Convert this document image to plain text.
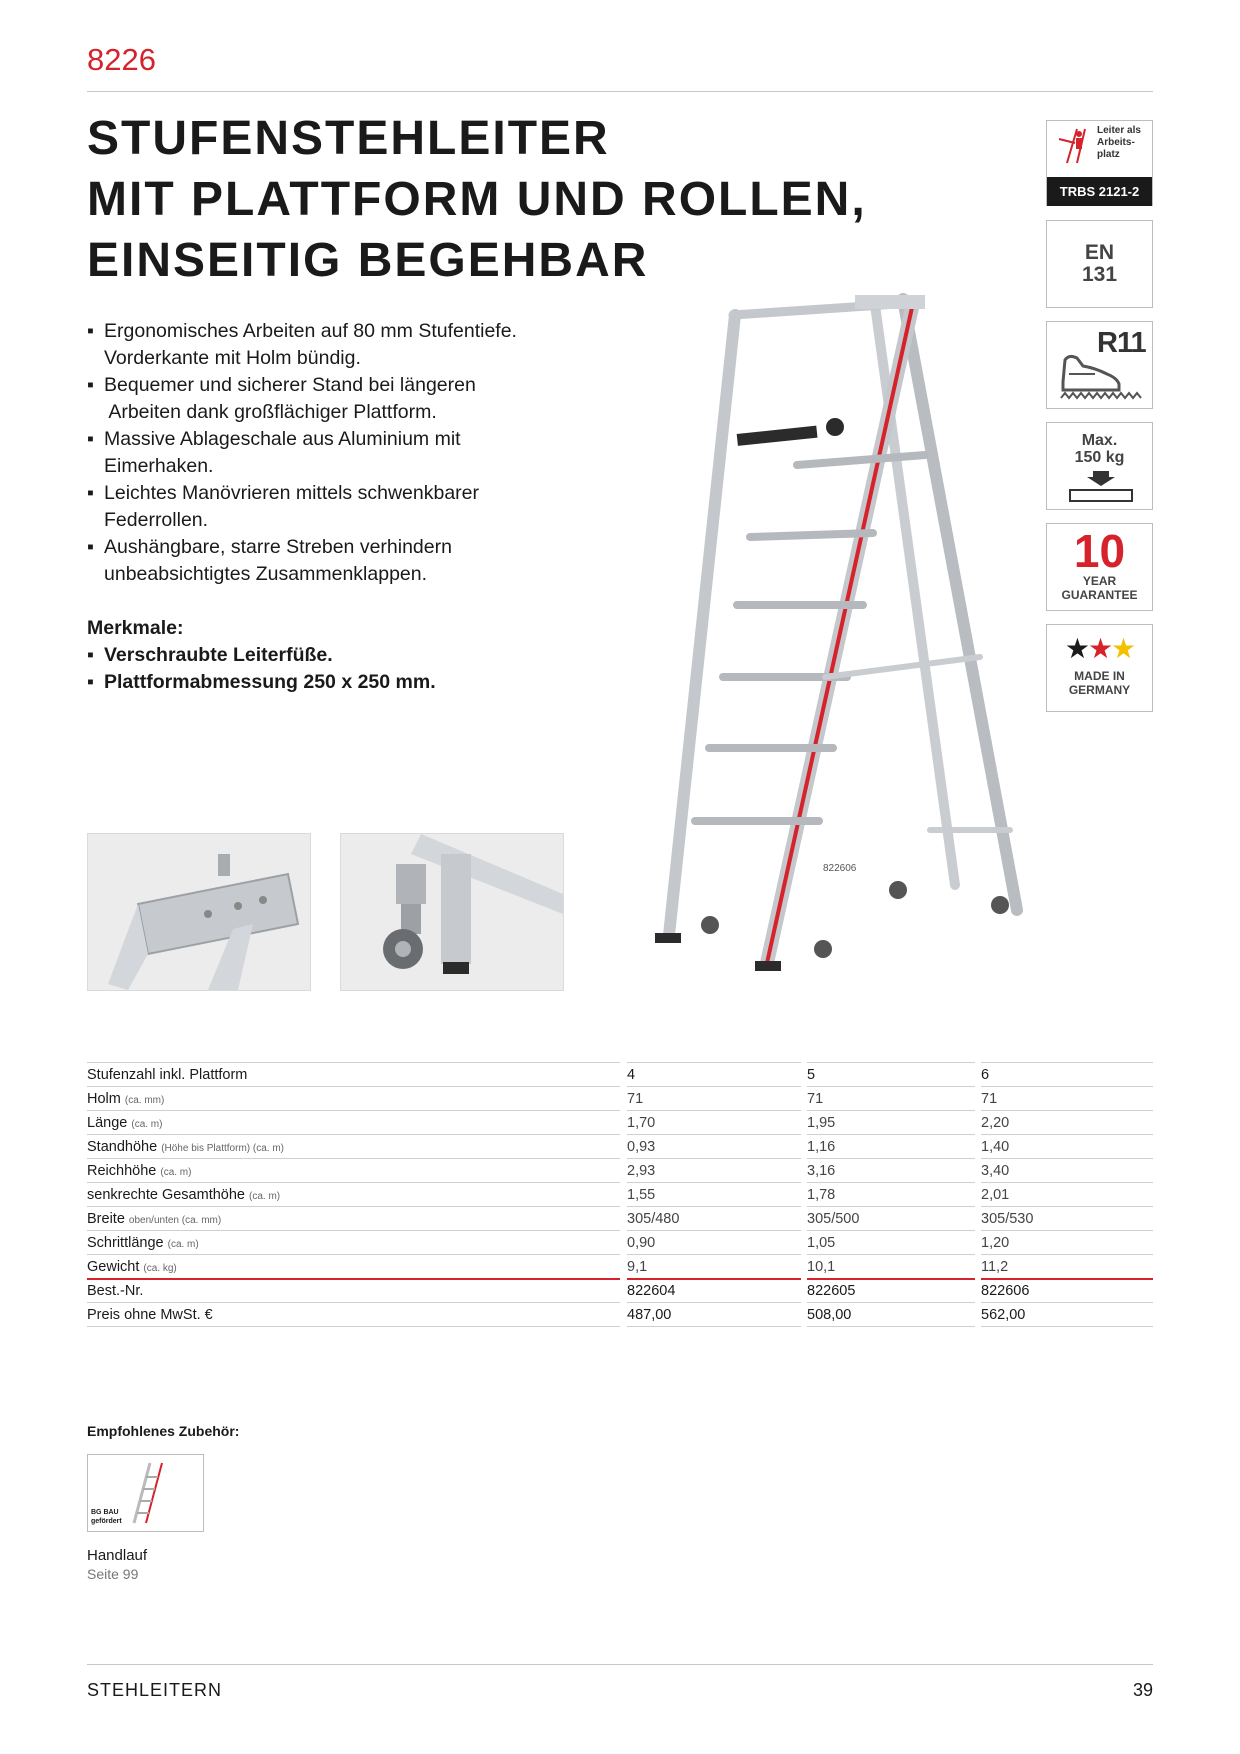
8226
STUFENSTEHLEITER
MIT PLATTFORM UND ROLLEN,
EINSEITIG BEGEHBAR
▪ Ergonomisches Arbeiten auf 80 mm Stufentiefe.
Vorderkante mit Holm bündig.
▪ Bequemer und sicherer Stand bei längeren
Arbeiten dank großflächiger Plattform.
▪ Massive Ablageschale aus Aluminium mit
Eimerhaken.
▪ Leichtes Manövrieren mittels schwenkbarer
Federrollen.
▪ Aushängbare, starre Streben verhindern
unbeabsichtigtes Zusammenklappen.
Merkmale:
▪ Verschraubte Leiterfüße.
▪ Plattformabmessung 250 x 250 mm.
Leiter als
Arbeits-
platz
TRBS 2121-2
EN
131
R11
Max.
150 kg
10
YEAR
GUARANTEE
★★★
MADE IN
GERMANY
HYMER
822606
Stufenzahl inkl. Plattform	4	5	6
Holm (ca. mm)	71	71	71
Länge (ca. m)	1,70	1,95	2,20
Standhöhe (Höhe bis Plattform) (ca. m)	0,93	1,16	1,40
Reichhöhe (ca. m)	2,93	3,16	3,40
senkrechte Gesamthöhe (ca. m)	1,55	1,78	2,01
Breite oben/unten (ca. mm)	305/480	305/500	305/530
Schrittlänge (ca. m)	0,90	1,05	1,20
Gewicht (ca. kg)	9,1	10,1	11,2
Best.-Nr.	822604	822605	822606
Preis ohne MwSt. €	487,00	508,00	562,00
Empfohlenes Zubehör:
BG BAU
gefördert
Handlauf
Seite 99
STEHLEITERN	39
